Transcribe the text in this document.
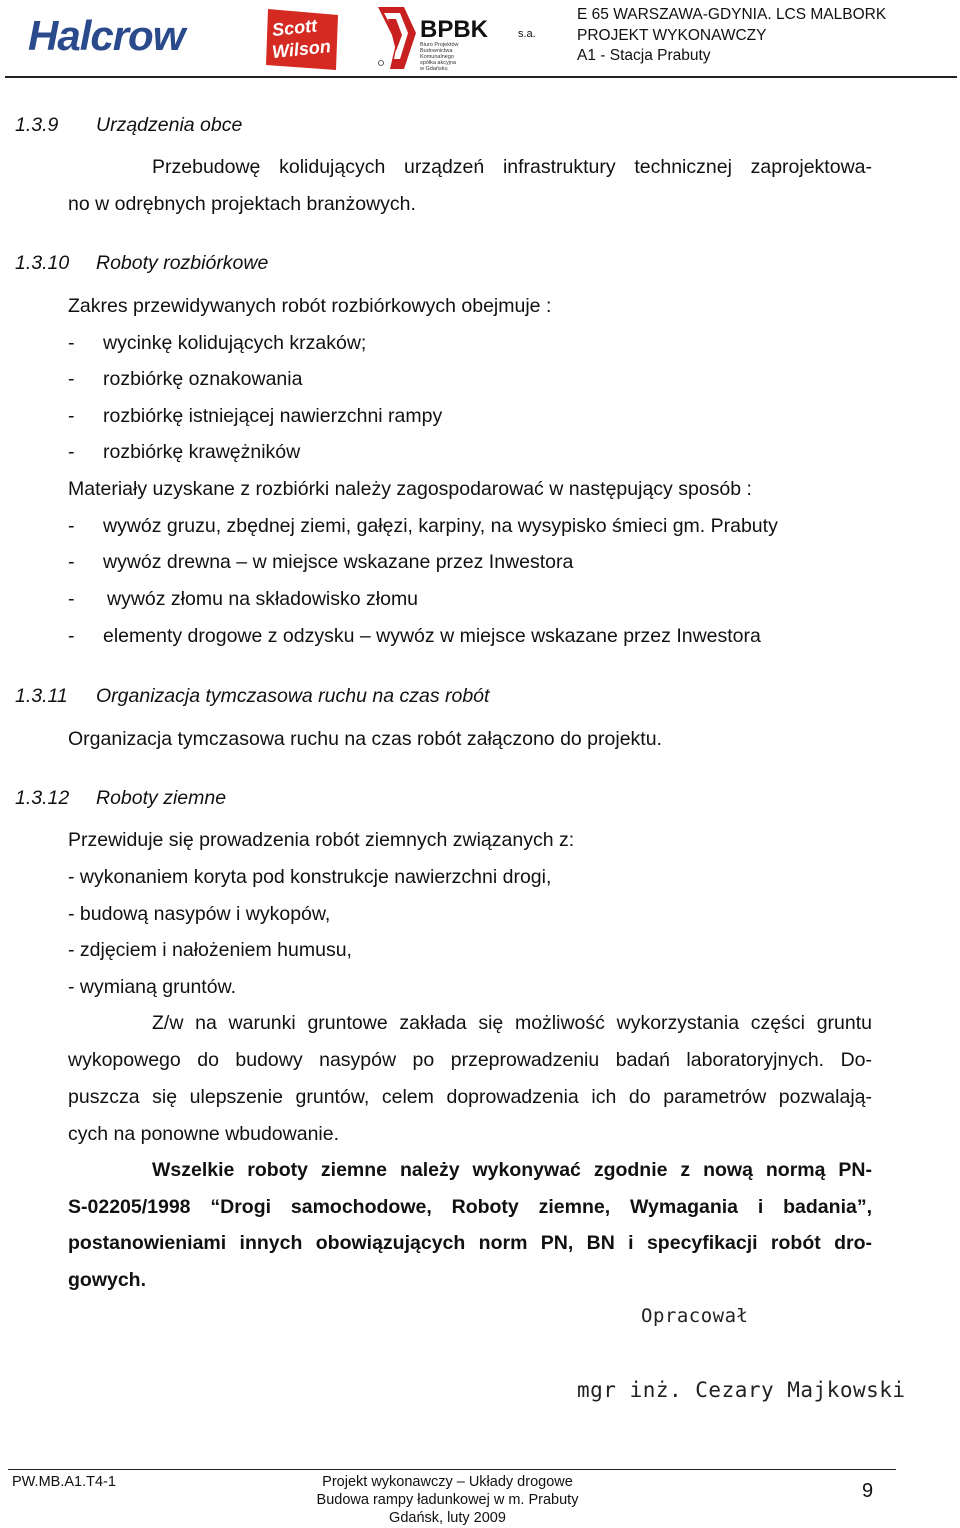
Halcrow	Scott
Wilson
BPBK	s.a.
Biuro Projektów
Budownictwa
Komunalnego
spółka akcyjna
w Gdańsku
E 65 WARSZAWA-GDYNIA. LCS MALBORK
PROJEKT WYKONAWCZY
A1 - Stacja Prabuty
1.3.9 Urządzenia obce
Przebudowę kolidujących urządzeń infrastruktury technicznej zaprojektowa-
no w odrębnych projektach branżowych.
1.3.10 Roboty rozbiórkowe
Zakres przewidywanych robót rozbiórkowych obejmuje :
- wycinkę kolidujących krzaków;
- rozbiórkę oznakowania
- rozbiórkę istniejącej nawierzchni rampy
- rozbiórkę krawężników
Materiały uzyskane z rozbiórki należy zagospodarować w następujący sposób :
- wywóz gruzu, zbędnej ziemi, gałęzi, karpiny, na wysypisko śmieci gm. Prabuty
- wywóz drewna – w miejsce wskazane przez Inwestora
- wywóz złomu na składowisko złomu
- elementy drogowe z odzysku – wywóz w miejsce wskazane przez Inwestora
1.3.11 Organizacja tymczasowa ruchu na czas robót
Organizacja tymczasowa ruchu na czas robót załączono do projektu.
1.3.12 Roboty ziemne
Przewiduje się prowadzenia robót ziemnych związanych z:
- wykonaniem koryta pod konstrukcje nawierzchni drogi,
- budową nasypów i wykopów,
- zdjęciem i nałożeniem humusu,
- wymianą gruntów.
Z/w na warunki gruntowe zakłada się możliwość wykorzystania części gruntu
wykopowego do budowy nasypów po przeprowadzeniu badań laboratoryjnych. Do-
puszcza się ulepszenie gruntów, celem doprowadzenia ich do parametrów pozwalają-
cych na ponowne wbudowanie.
Wszelkie roboty ziemne należy wykonywać zgodnie z nową normą PN-
S-02205/1998 “Drogi samochodowe, Roboty ziemne, Wymagania i badania”,
postanowieniami innych obowiązujących norm PN, BN i specyfikacji robót dro-
gowych.
Opracował
mgr inż. Cezary Majkowski
PW.MB.A1.T4-1	Projekt wykonawczy – Układy drogowe
Budowa rampy ładunkowej w m. Prabuty
Gdańsk, luty 2009
9
